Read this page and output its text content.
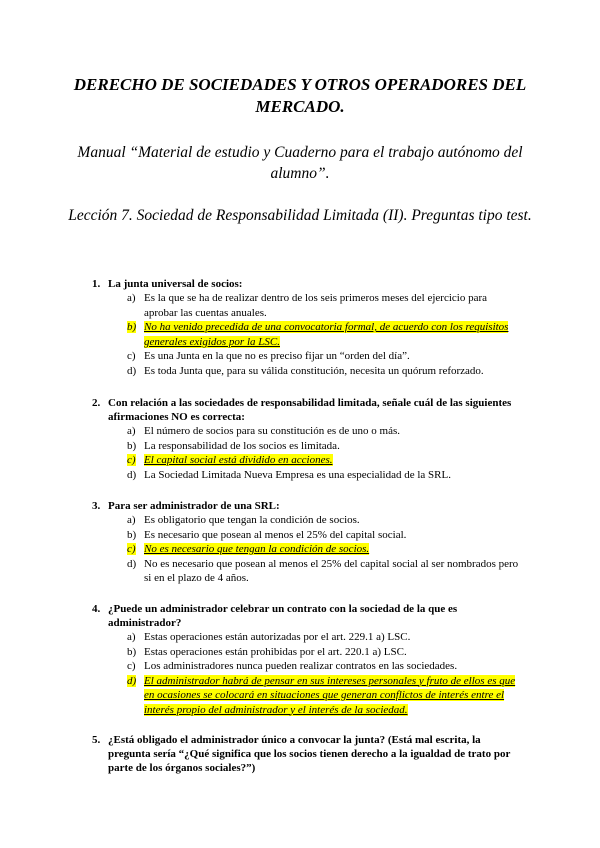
DERECHO DE SOCIEDADES Y OTROS OPERADORES DEL MERCADO.
Manual “Material de estudio y Cuaderno para el trabajo autónomo del alumno”.
Lección 7. Sociedad de Responsabilidad Limitada (II). Preguntas tipo test.
1. La junta universal de socios:
a) Es la que se ha de realizar dentro de los seis primeros meses del ejercicio para aprobar las cuentas anuales.
b) No ha venido precedida de una convocatoria formal, de acuerdo con los requisitos generales exigidos por la LSC.
c) Es una Junta en la que no es preciso fijar un “orden del día”.
d) Es toda Junta que, para su válida constitución, necesita un quórum reforzado.
2. Con relación a las sociedades de responsabilidad limitada, señale cuál de las siguientes afirmaciones NO es correcta:
a) El número de socios para su constitución es de uno o más.
b) La responsabilidad de los socios es limitada.
c) El capital social está dividido en acciones.
d) La Sociedad Limitada Nueva Empresa es una especialidad de la SRL.
3. Para ser administrador de una SRL:
a) Es obligatorio que tengan la condición de socios.
b) Es necesario que posean al menos el 25% del capital social.
c) No es necesario que tengan la condición de socios.
d) No es necesario que posean al menos el 25% del capital social al ser nombrados pero si en el plazo de 4 años.
4. ¿Puede un administrador celebrar un contrato con la sociedad de la que es administrador?
a) Estas operaciones están autorizadas por el art. 229.1 a) LSC.
b) Estas operaciones están prohibidas por el art. 220.1 a) LSC.
c) Los administradores nunca pueden realizar contratos en las sociedades.
d) El administrador habrá de pensar en sus intereses personales y fruto de ellos es que en ocasiones se colocará en situaciones que generan conflictos de interés entre el interés propio del administrador y el interés de la sociedad.
5. ¿Está obligado el administrador único a convocar la junta? (Está mal escrita, la pregunta sería “¿Qué significa que los socios tienen derecho a la igualdad de trato por parte de los órganos sociales?”)
